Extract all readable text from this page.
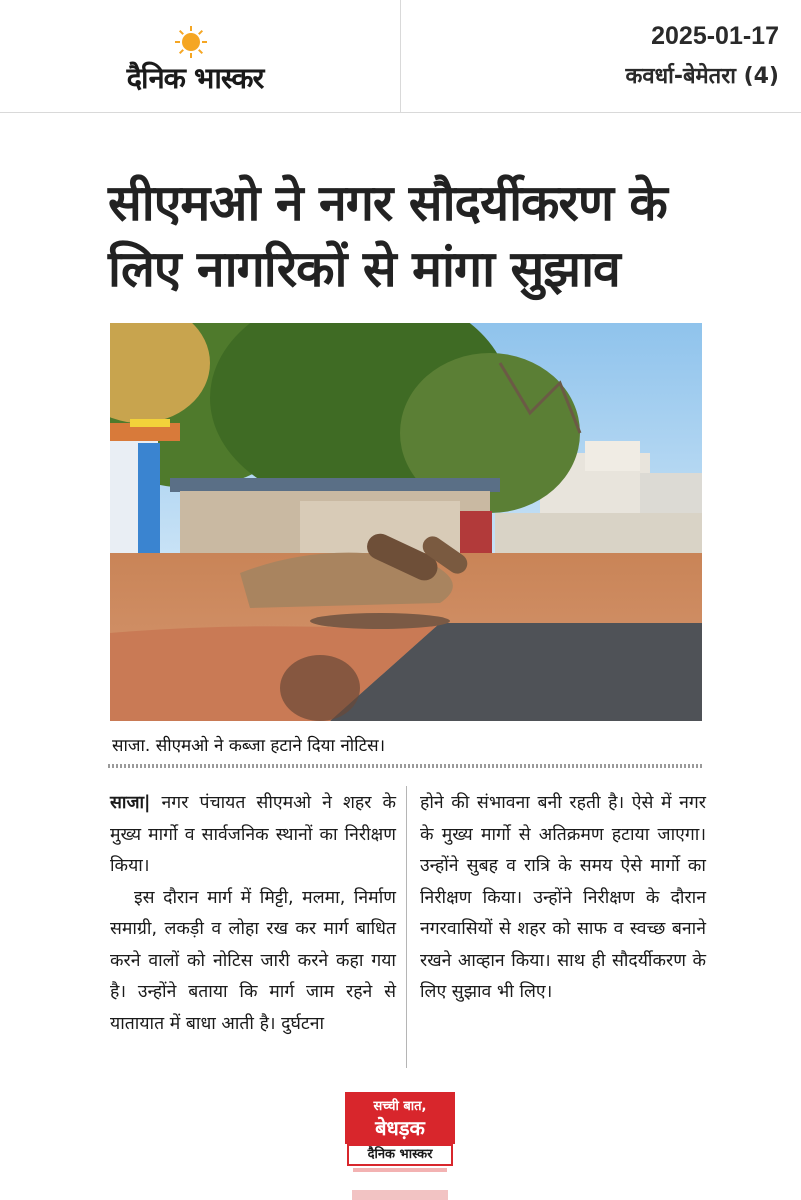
दैनिक भास्कर
2025-01-17
कवर्धा-बेमेतरा (4)
सीएमओ ने नगर सौदर्यीकरण के
लिए नागरिकों से मांगा सुझाव
साजा. सीएमओ ने कब्जा हटाने दिया नोटिस।

साजा| नगर पंचायत सीएमओ ने शहर के मुख्य मार्गो व सार्वजनिक स्थानों का निरीक्षण किया।

इस दौरान मार्ग में मिट्टी, मलमा, निर्माण समाग्री, लकड़ी व लोहा रख कर मार्ग बाधित करने वालों को नोटिस जारी करने कहा गया है। उन्होंने बताया कि मार्ग जाम रहने से यातायात में बाधा आती है। दुर्घटना

होने की संभावना बनी रहती है। ऐसे में नगर के मुख्य मार्गो से अतिक्रमण हटाया जाएगा।उन्होंने सुबह व रात्रि के समय ऐसे मार्गो का निरीक्षण किया। उन्होंने निरीक्षण के दौरान नगरवासियों से शहर को साफ व स्वच्छ बनाने रखने आव्हान किया। साथ ही सौदर्यीकरण के लिए सुझाव भी लिए।

सच्ची बात,
बेधड़क
दैनिक भास्कर
